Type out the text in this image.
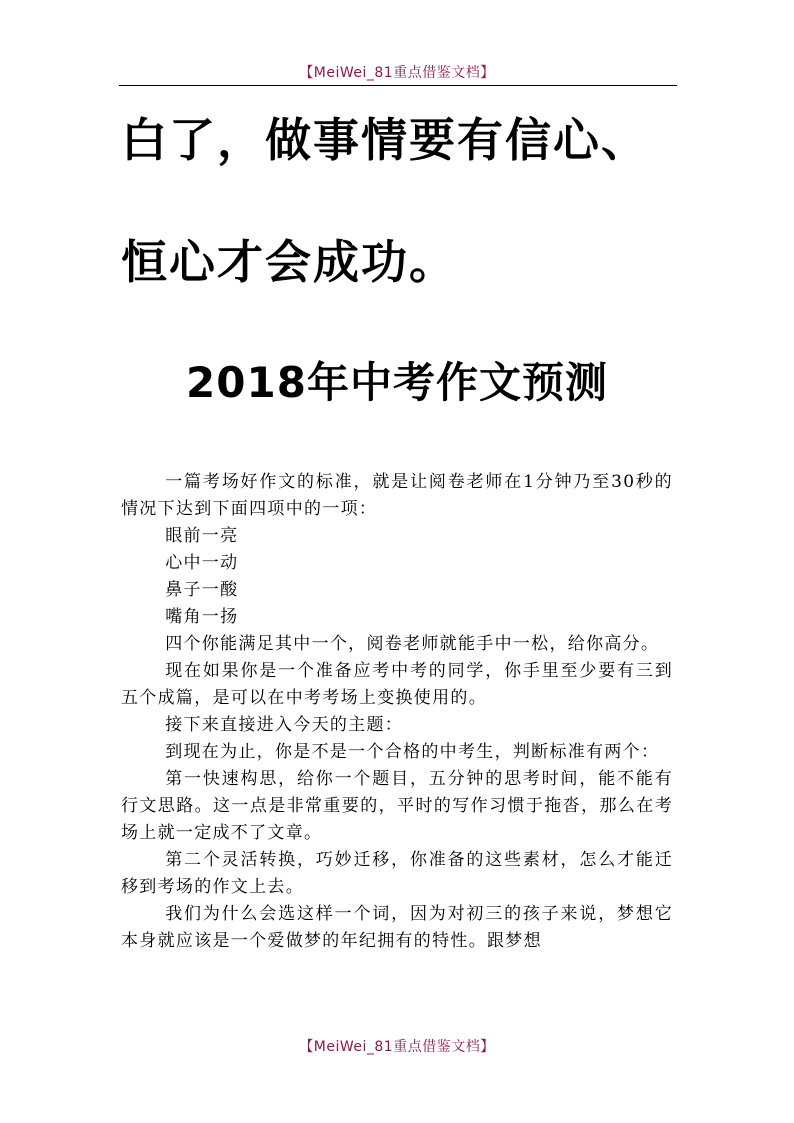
【MeiWei_81重点借鉴文档】
白了，做事情要有信心、
恒心才会成功。
2018年中考作文预测

一篇考场好作文的标准，就是让阅卷老师在1分钟乃至30秒的情况下达到下面四项中的一项：

眼前一亮

心中一动

鼻子一酸

嘴角一扬

四个你能满足其中一个，阅卷老师就能手中一松，给你高分。

现在如果你是一个准备应考中考的同学，你手里至少要有三到五个成篇，是可以在中考考场上变换使用的。

接下来直接进入今天的主题：

到现在为止，你是不是一个合格的中考生，判断标准有两个：

第一快速构思，给你一个题目，五分钟的思考时间，能不能有行文思路。这一点是非常重要的，平时的写作习惯于拖沓，那么在考场上就一定成不了文章。

第二个灵活转换，巧妙迁移，你准备的这些素材，怎么才能迁移到考场的作文上去。

我们为什么会选这样一个词，因为对初三的孩子来说，梦想它本身就应该是一个爱做梦的年纪拥有的特性。跟梦想

【MeiWei_81重点借鉴文档】
